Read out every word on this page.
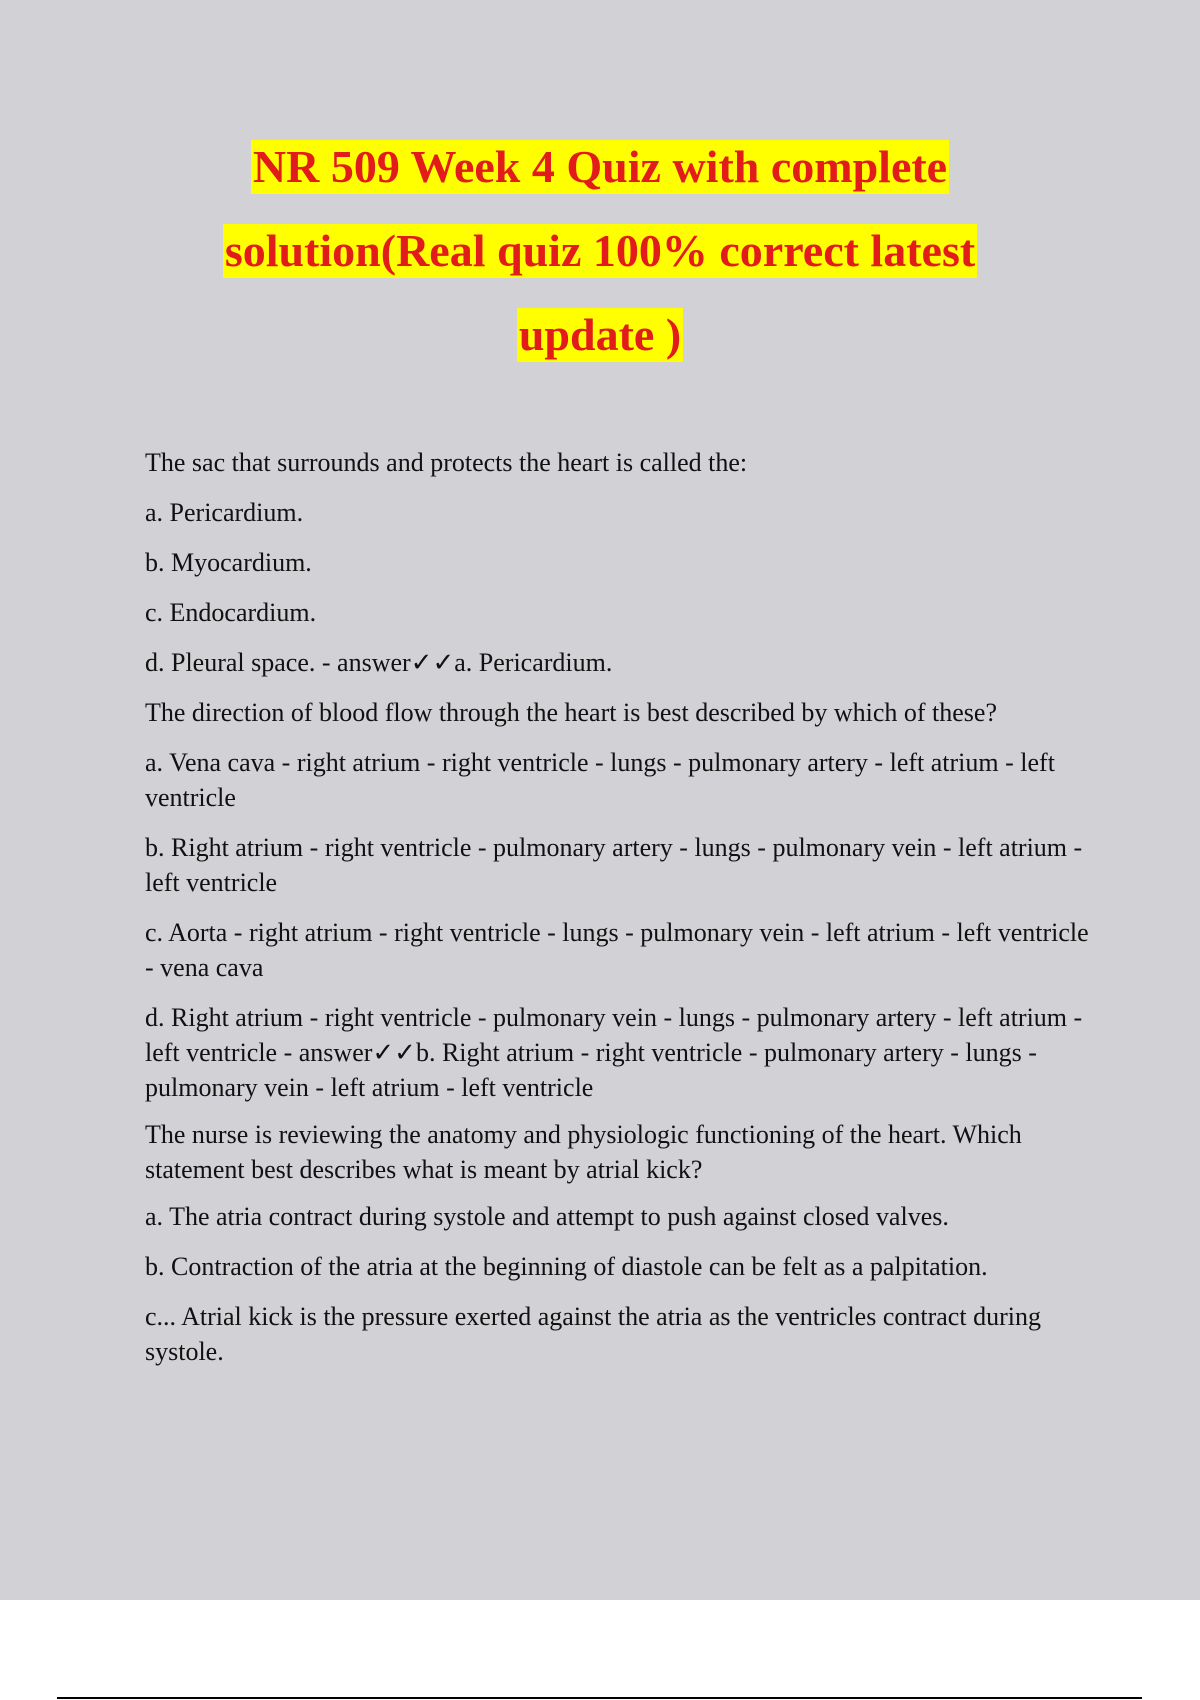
NR 509 Week 4 Quiz with complete
solution(Real quiz 100% correct latest
update )

The sac that surrounds and protects the heart is called the:

a. Pericardium.

b. Myocardium.

c. Endocardium.

d. Pleural space. - answer✓✓a. Pericardium.

The direction of blood flow through the heart is best described by which of these?

a. Vena cava - right atrium - right ventricle - lungs - pulmonary artery - left atrium - left ventricle

b. Right atrium - right ventricle - pulmonary artery - lungs - pulmonary vein - left atrium - left ventricle

c. Aorta - right atrium - right ventricle - lungs - pulmonary vein - left atrium - left ventricle - vena cava

d. Right atrium - right ventricle - pulmonary vein - lungs - pulmonary artery - left atrium - left ventricle - answer✓✓b. Right atrium - right ventricle - pulmonary artery - lungs - pulmonary vein - left atrium - left ventricle

The nurse is reviewing the anatomy and physiologic functioning of the heart. Which statement best describes what is meant by atrial kick?

a. The atria contract during systole and attempt to push against closed valves.

b. Contraction of the atria at the beginning of diastole can be felt as a palpitation.

c... Atrial kick is the pressure exerted against the atria as the ventricles contract during systole.
